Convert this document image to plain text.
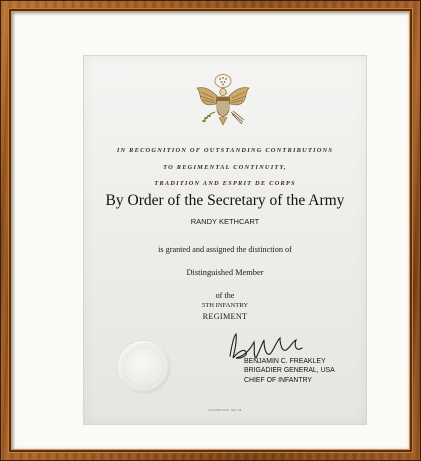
IN RECOGNITION OF OUTSTANDING CONTRIBUTIONS
TO REGIMENTAL CONTINUITY,
TRADITION AND ESPRIT DE CORPS
By Order of the Secretary of the Army
RANDY KETHCART
is granted and assigned the distinction of
Distinguished Member
of the
5TH INFANTRY
REGIMENT
BENJAMIN C. FREAKLEY
BRIGADIER GENERAL, USA
CHIEF OF INFANTRY
DA FORM 4647, MAY 98
